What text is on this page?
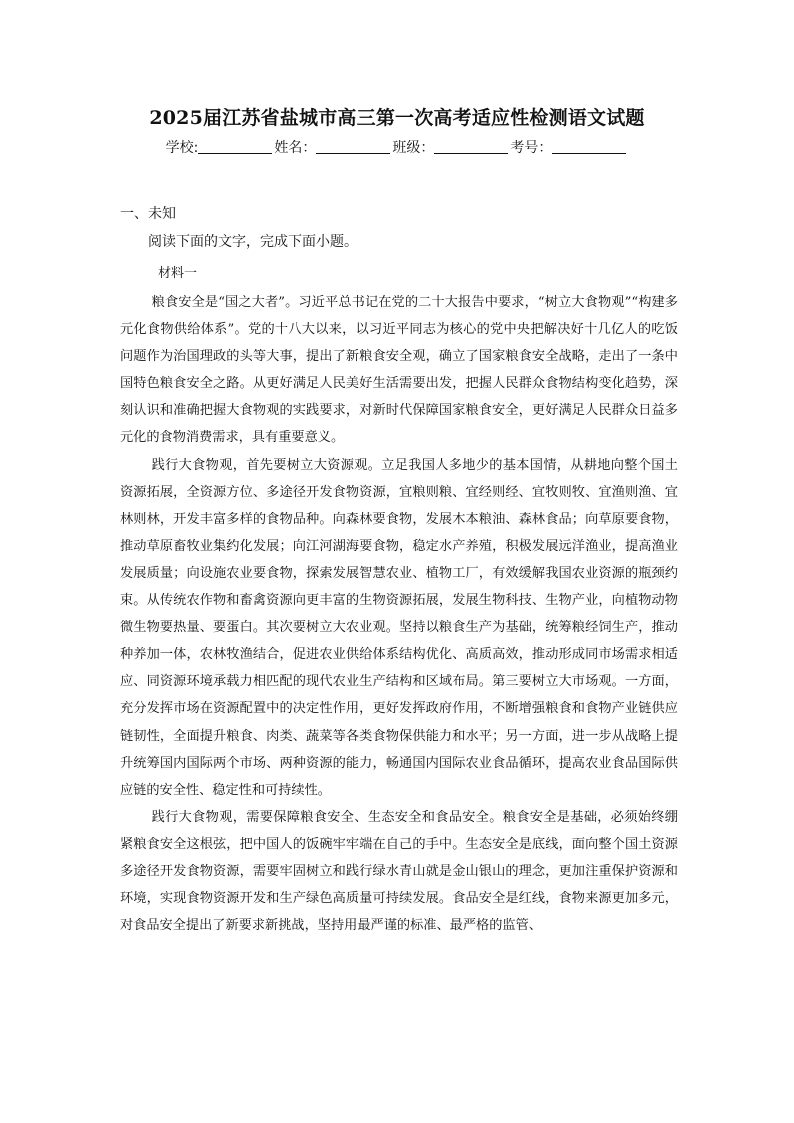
2025届江苏省盐城市高三第一次高考适应性检测语文试题
学校:	姓名：	班级：	考号：
一、未知
阅读下面的文字，完成下面小题。
材料一

粮食安全是“国之大者”。习近平总书记在党的二十大报告中要求，“树立大食物观”“构建多元化食物供给体系”。党的十八大以来，以习近平同志为核心的党中央把解决好十几亿人的吃饭问题作为治国理政的头等大事，提出了新粮食安全观，确立了国家粮食安全战略，走出了一条中国特色粮食安全之路。从更好满足人民美好生活需要出发，把握人民群众食物结构变化趋势，深刻认识和准确把握大食物观的实践要求，对新时代保障国家粮食安全，更好满足人民群众日益多元化的食物消费需求，具有重要意义。

践行大食物观，首先要树立大资源观。立足我国人多地少的基本国情，从耕地向整个国土资源拓展，全资源方位、多途径开发食物资源，宜粮则粮、宜经则经、宜牧则牧、宜渔则渔、宜林则林，开发丰富多样的食物品种。向森林要食物，发展木本粮油、森林食品；向草原要食物，推动草原畜牧业集约化发展；向江河湖海要食物，稳定水产养殖，积极发展远洋渔业，提高渔业发展质量；向设施农业要食物，探索发展智慧农业、植物工厂，有效缓解我国农业资源的瓶颈约束。从传统农作物和畜禽资源向更丰富的生物资源拓展，发展生物科技、生物产业，向植物动物微生物要热量、要蛋白。其次要树立大农业观。坚持以粮食生产为基础，统筹粮经饲生产，推动种养加一体，农林牧渔结合，促进农业供给体系结构优化、高质高效，推动形成同市场需求相适应、同资源环境承载力相匹配的现代农业生产结构和区域布局。第三要树立大市场观。一方面，充分发挥市场在资源配置中的决定性作用，更好发挥政府作用，不断增强粮食和食物产业链供应链韧性，全面提升粮食、肉类、蔬菜等各类食物保供能力和水平；另一方面，进一步从战略上提升统筹国内国际两个市场、两种资源的能力，畅通国内国际农业食品循环，提高农业食品国际供应链的安全性、稳定性和可持续性。

践行大食物观，需要保障粮食安全、生态安全和食品安全。粮食安全是基础，必须始终绷紧粮食安全这根弦，把中国人的饭碗牢牢端在自己的手中。生态安全是底线，面向整个国土资源多途径开发食物资源，需要牢固树立和践行绿水青山就是金山银山的理念，更加注重保护资源和环境，实现食物资源开发和生产绿色高质量可持续发展。食品安全是红线，食物来源更加多元，对食品安全提出了新要求新挑战，坚持用最严谨的标准、最严格的监管、
